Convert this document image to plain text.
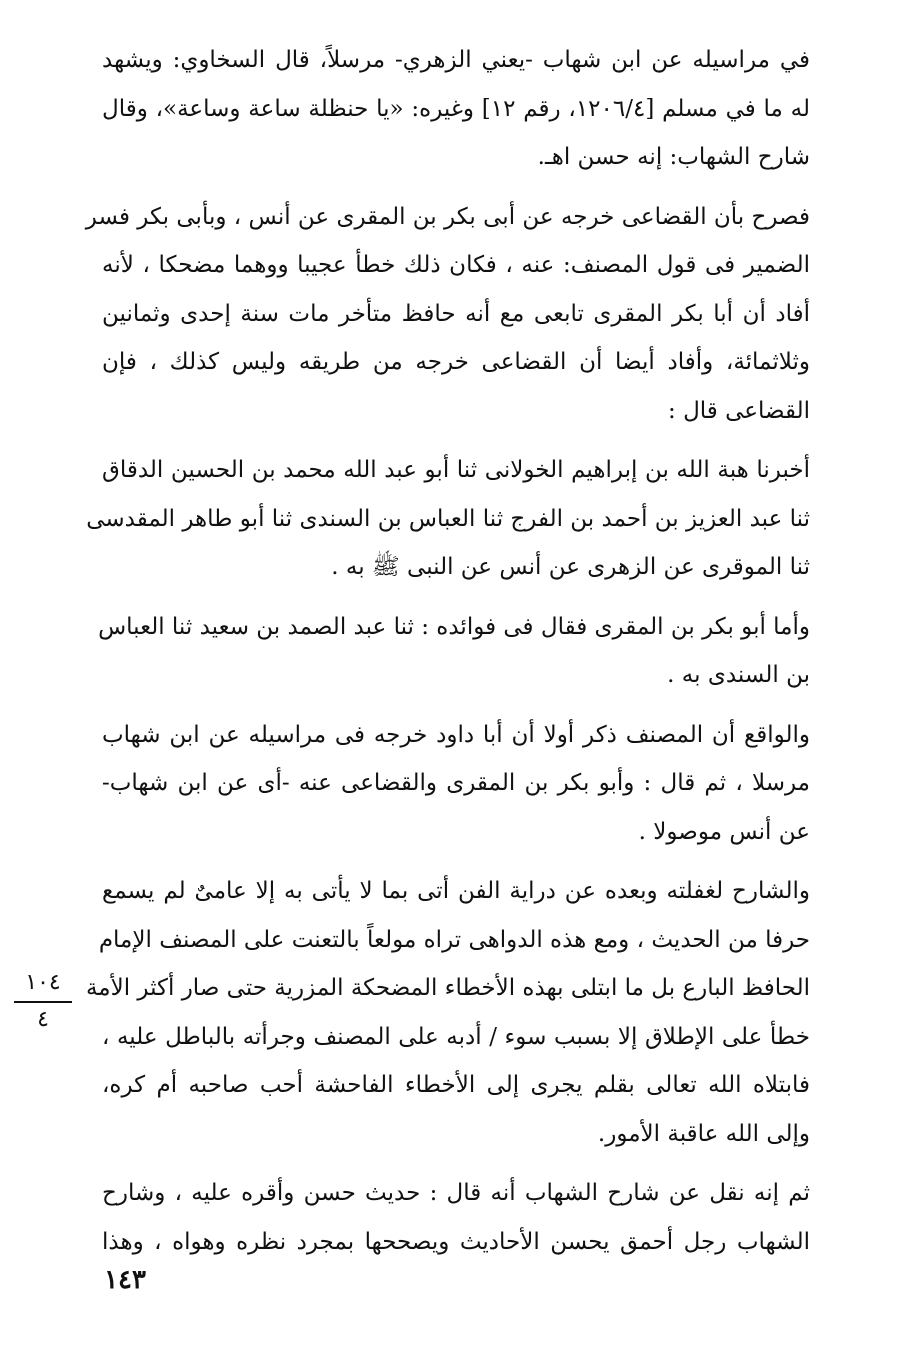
في مراسيله عن ابن شهاب -يعني الزهري- مرسلاً، قال السخاوي: ويشهد
له ما في مسلم [١٢٠٦/٤، رقم ١٢] وغيره: «يا حنظلة ساعة وساعة»، وقال
شارح الشهاب: إنه حسن اهـ.
فصرح بأن القضاعى خرجه عن أبى بكر بن المقرى عن أنس ، وبأبى بكر فسر
الضمير فى قول المصنف: عنه ، فكان ذلك خطأ عجيبا ووهما مضحكا ، لأنه
أفاد أن أبا بكر المقرى تابعى مع أنه حافظ متأخر مات سنة إحدى وثمانين
وثلاثمائة، وأفاد أيضا أن القضاعى خرجه من طريقه وليس كذلك ، فإن
القضاعى قال :
أخبرنا هبة الله بن إبراهيم الخولانى ثنا أبو عبد الله محمد بن الحسين الدقاق
ثنا عبد العزيز بن أحمد بن الفرج ثنا العباس بن السندى ثنا أبو طاهر المقدسى
ثنا الموقرى عن الزهرى عن أنس عن النبى ﷺ به .
وأما أبو بكر بن المقرى فقال فى فوائده : ثنا عبد الصمد بن سعيد ثنا العباس
بن السندى به .
والواقع أن المصنف ذكر أولا أن أبا داود خرجه فى مراسيله عن ابن شهاب
مرسلا ، ثم قال : وأبو بكر بن المقرى والقضاعى عنه -أى عن ابن شهاب-
عن أنس موصولا .
والشارح لغفلته وبعده عن دراية الفن أتى بما لا يأتى به إلا عامىٌ لم يسمع
حرفا من الحديث ، ومع هذه الدواهى تراه مولعاً بالتعنت على المصنف الإمام
الحافظ البارع بل ما ابتلى بهذه الأخطاء المضحكة المزرية حتى صار أكثر الأمة
خطأ على الإطلاق إلا بسبب سوء / أدبه على المصنف وجرأته بالباطل عليه ،
فابتلاه الله تعالى بقلم يجرى إلى الأخطاء الفاحشة أحب صاحبه أم كره،
وإلى الله عاقبة الأمور.
ثم إنه نقل عن شارح الشهاب أنه قال : حديث حسن وأقره عليه ، وشارح
الشهاب رجل أحمق يحسن الأحاديث ويصححها بمجرد نظره وهواه ، وهذا
١٠٤
٤
١٤٣
